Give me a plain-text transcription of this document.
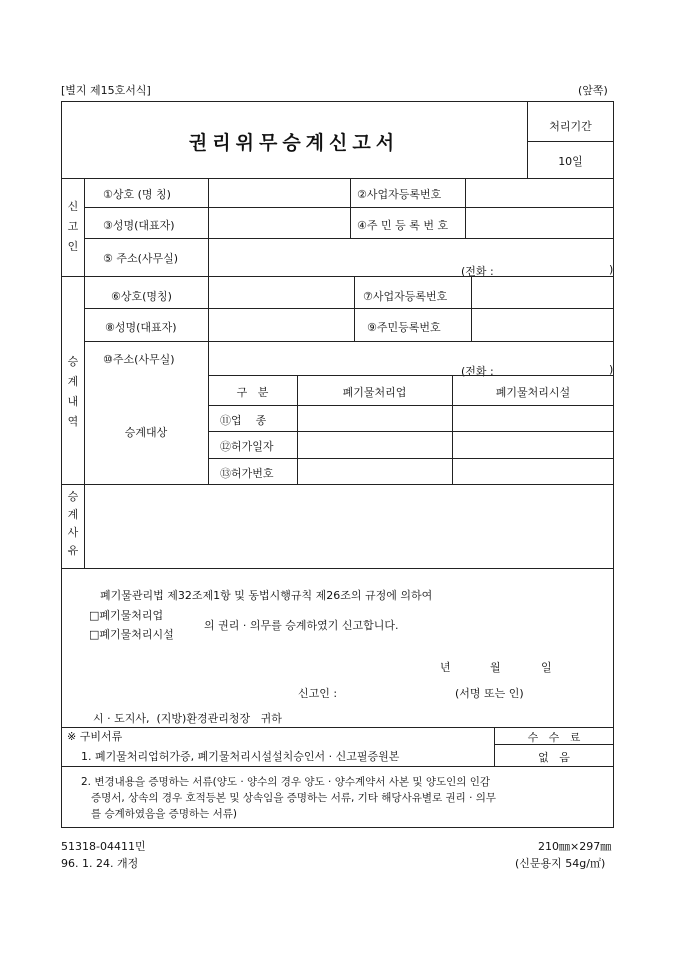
[별지 제15호서식]	(앞쪽)
권리위무승계신고서
처리기간
10일
신
고
인
①상호 (명 칭)	②사업자등록번호
③성명(대표자)	④주 민 등 록 번 호
⑤ 주소(사무실)
(전화 :	)
승
계
내
역
⑥상호(명칭)	⑦사업자등록번호
⑧성명(대표자)	⑨주민등록번호
⑩주소(사무실)
(전화 :	)
승계대상
구   분	폐기물처리업	폐기물처리시설
⑪업    종
⑫허가일자
⑬허가번호
승
계
사
유
폐기물관리법 제32조제1항 및 동법시행규칙 제26조의 규정에 의하여
□폐기물처리업
□폐기물처리시설
의 권리 · 의무를 승계하였기 신고합니다.
년	월	일
신고인 :	(서명 또는 인)
시 · 도지사,  (지방)환경관리청장   귀하
※ 구비서류	수   수   료
없   음
1. 폐기물처리업허가증, 폐기물처리시설설치승인서 · 신고필증원본
2. 변경내용을 증명하는 서류(양도 · 양수의 경우 양도 · 양수계약서 사본 및 양도인의 인감
증명서, 상속의 경우 호적등본 및 상속임을 증명하는 서류, 기타 해당사유별로 권리 · 의무
를 승계하였음을 증명하는 서류)
51318-04411민
96. 1. 24. 개정
210㎜×297㎜
(신문용지 54g/㎡)
